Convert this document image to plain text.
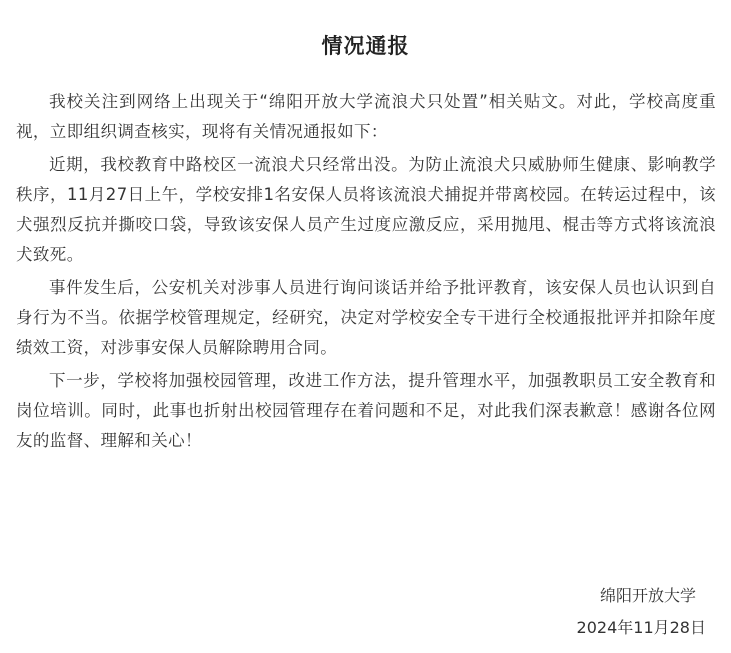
情况通报

我校关注到网络上出现关于“绵阳开放大学流浪犬只处置”相关贴文。对此，学校高度重视，立即组织调查核实，现将有关情况通报如下：

近期，我校教育中路校区一流浪犬只经常出没。为防止流浪犬只威胁师生健康、影响教学秩序，11月27日上午，学校安排1名安保人员将该流浪犬捕捉并带离校园。在转运过程中，该犬强烈反抗并撕咬口袋，导致该安保人员产生过度应激反应，采用抛甩、棍击等方式将该流浪犬致死。

事件发生后，公安机关对涉事人员进行询问谈话并给予批评教育，该安保人员也认识到自身行为不当。依据学校管理规定，经研究，决定对学校安全专干进行全校通报批评并扣除年度绩效工资，对涉事安保人员解除聘用合同。

下一步，学校将加强校园管理，改进工作方法，提升管理水平，加强教职员工安全教育和岗位培训。同时，此事也折射出校园管理存在着问题和不足，对此我们深表歉意！感谢各位网友的监督、理解和关心！

绵阳开放大学
2024年11月28日
